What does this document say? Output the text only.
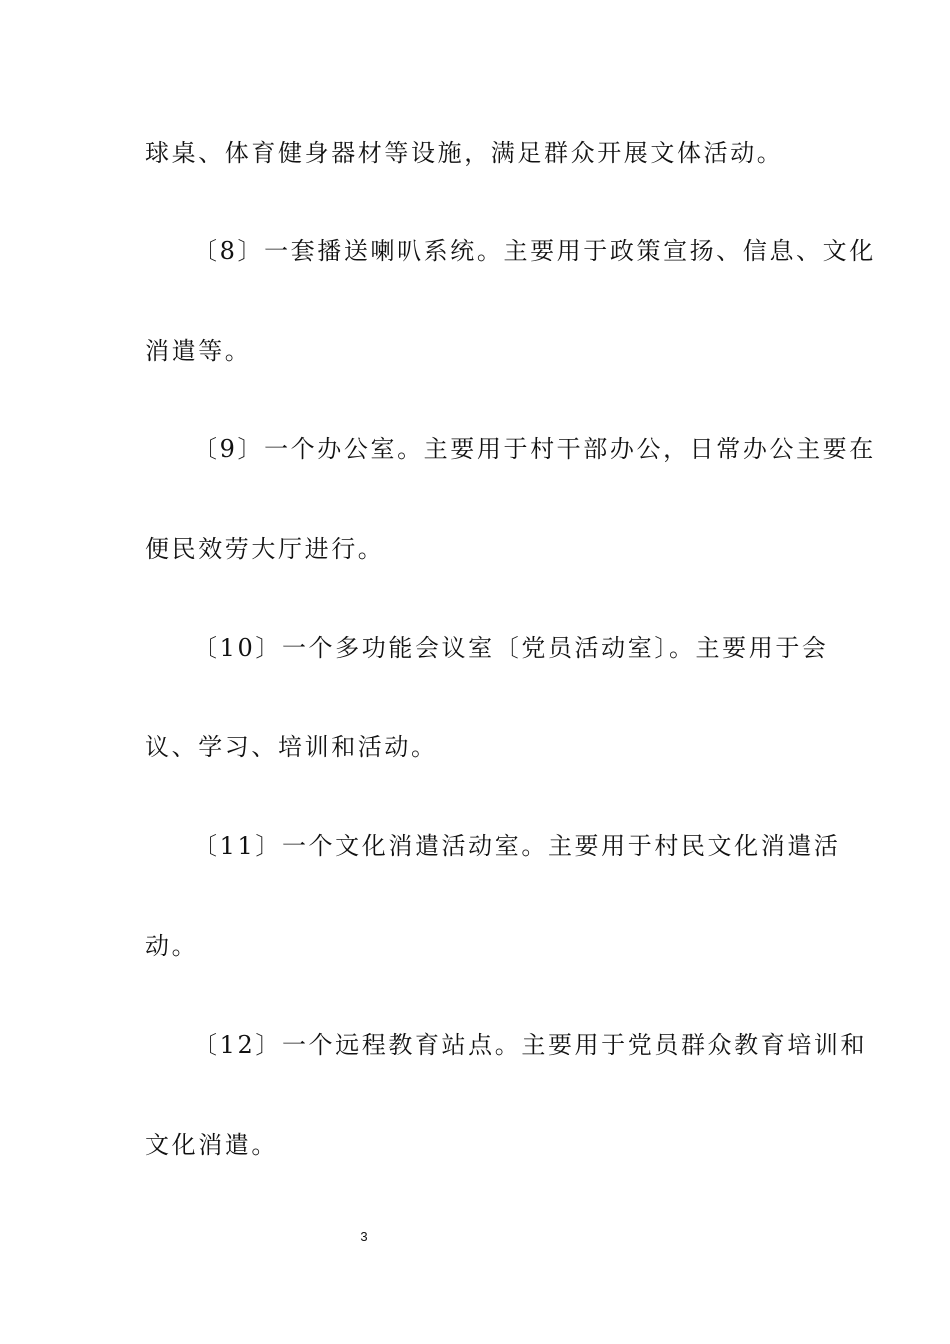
球桌、体育健身器材等设施，满足群众开展文体活动。
〔8〕一套播送喇叭系统。主要用于政策宣扬、信息、文化
消遣等。
〔9〕一个办公室。主要用于村干部办公，日常办公主要在
便民效劳大厅进行。
〔10〕一个多功能会议室〔党员活动室〕。主要用于会
议、学习、培训和活动。
〔11〕一个文化消遣活动室。主要用于村民文化消遣活
动。
〔12〕一个远程教育站点。主要用于党员群众教育培训和
文化消遣。
3
